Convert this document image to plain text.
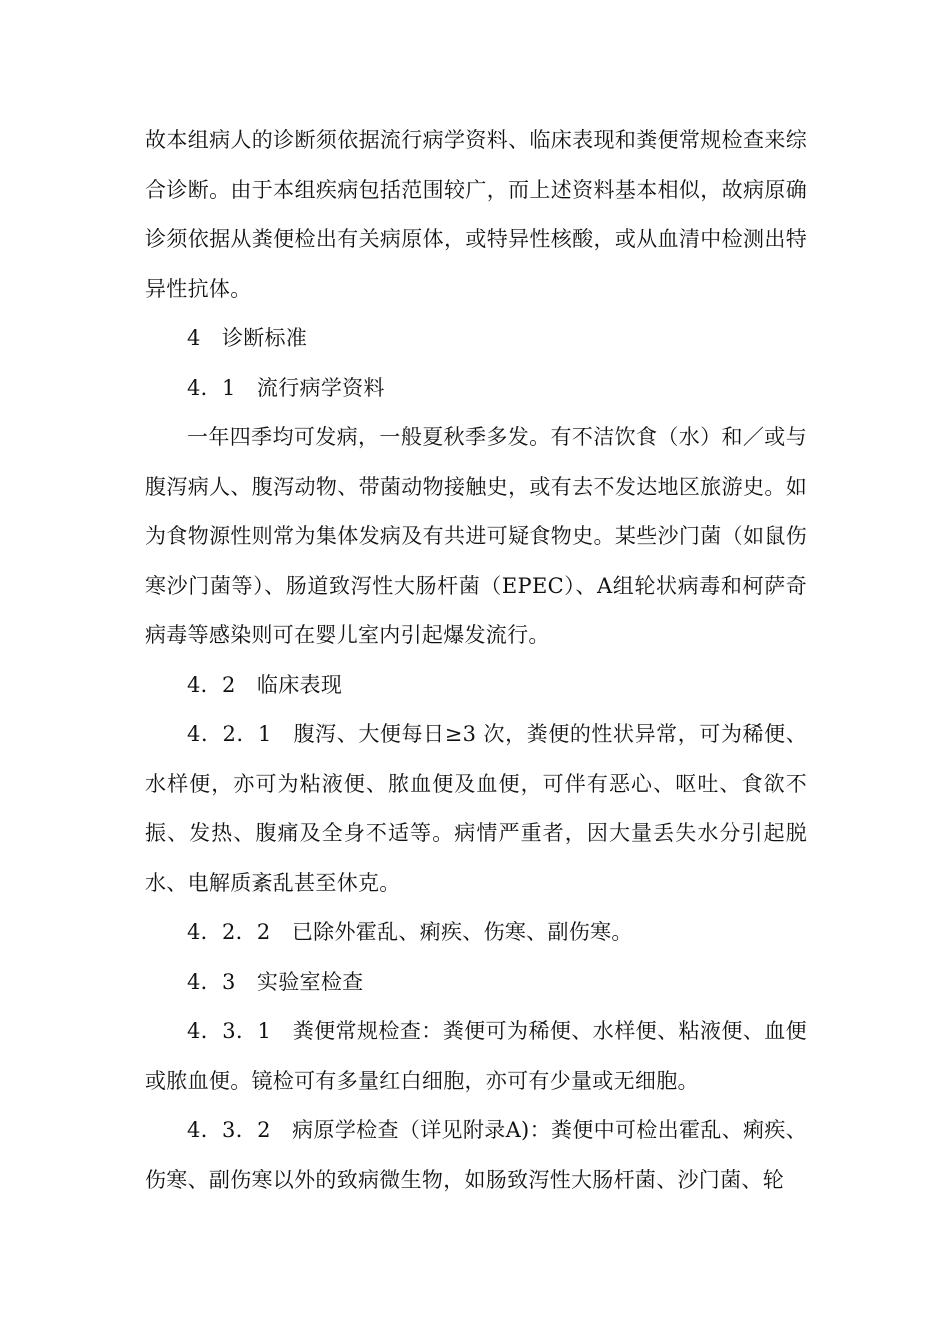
故本组病人的诊断须依据流行病学资料、临床表现和粪便常规检查来综合诊断。由于本组疾病包括范围较广，而上述资料基本相似，故病原确诊须依据从粪便检出有关病原体，或特异性核酸，或从血清中检测出特异性抗体。

4　诊断标准

4．1　流行病学资料

一年四季均可发病，一般夏秋季多发。有不洁饮食（水）和／或与腹泻病人、腹泻动物、带菌动物接触史，或有去不发达地区旅游史。如为食物源性则常为集体发病及有共进可疑食物史。某些沙门菌（如鼠伤寒沙门菌等）、肠道致泻性大肠杆菌（EPEC）、A组轮状病毒和柯萨奇病毒等感染则可在婴儿室内引起爆发流行。

4．2　临床表现

4．2．1　腹泻、大便每日≥3 次，粪便的性状异常，可为稀便、水样便，亦可为粘液便、脓血便及血便，可伴有恶心、呕吐、食欲不振、发热、腹痛及全身不适等。病情严重者，因大量丢失水分引起脱水、电解质紊乱甚至休克。

4．2．2　已除外霍乱、痢疾、伤寒、副伤寒。

4．3　实验室检查

4．3．1　粪便常规检查：粪便可为稀便、水样便、粘液便、血便或脓血便。镜检可有多量红白细胞，亦可有少量或无细胞。

4．3．2　病原学检查（详见附录A)：粪便中可检出霍乱、痢疾、伤寒、副伤寒以外的致病微生物，如肠致泻性大肠杆菌、沙门菌、轮
